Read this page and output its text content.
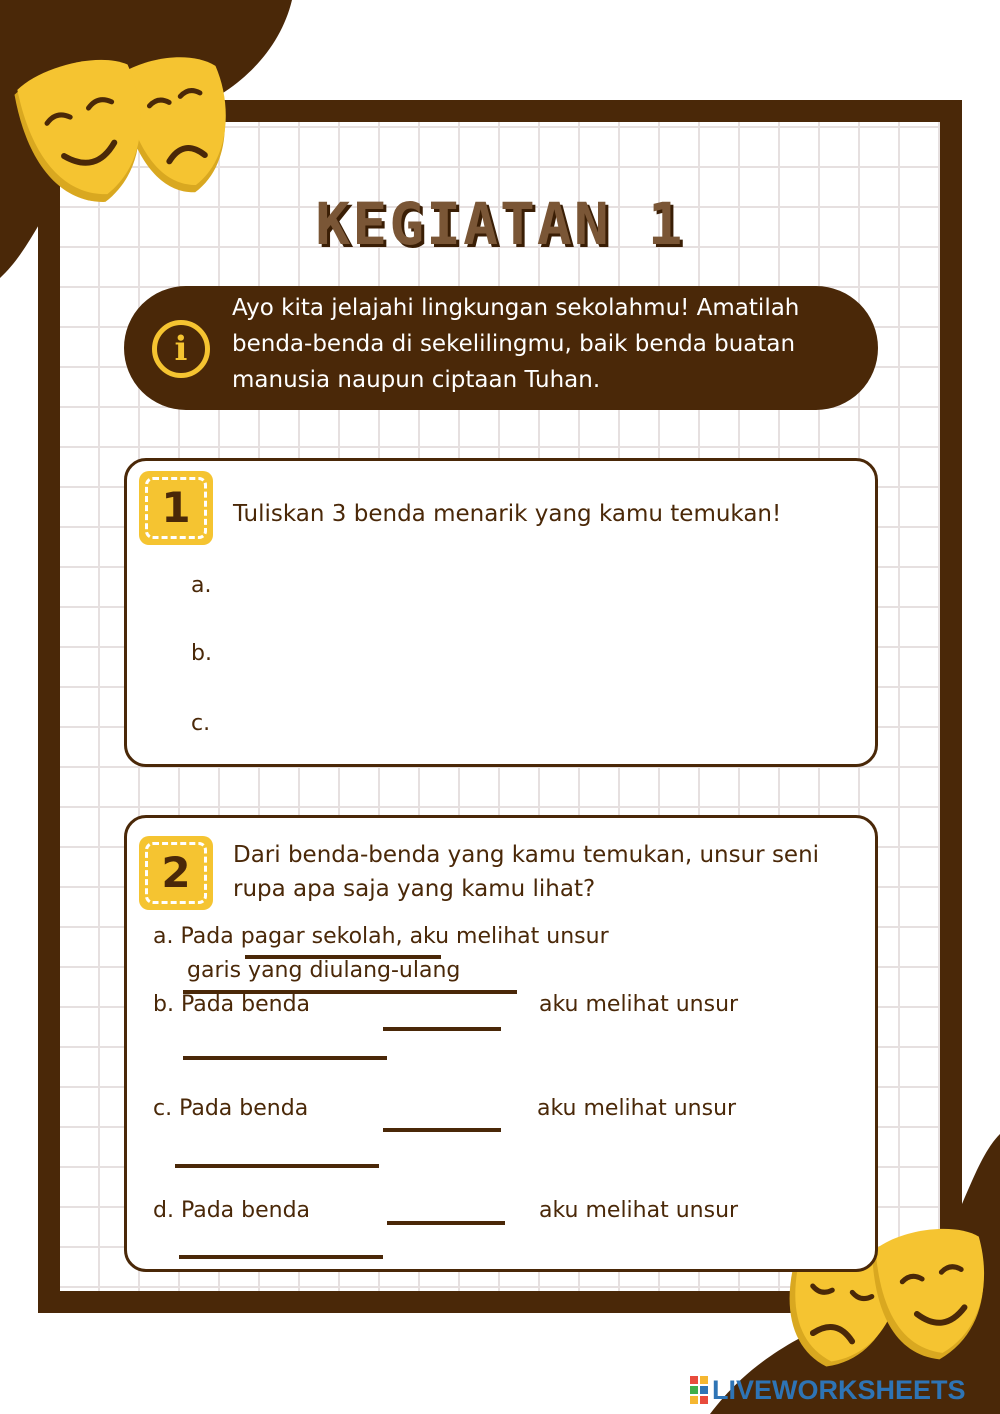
KEGIATAN 1
i
Ayo kita jelajahi lingkungan sekolahmu! Amatilah benda-benda di sekelilingmu, baik benda buatan manusia naupun ciptaan Tuhan.
1	Tuliskan 3 benda menarik yang kamu temukan!
a.
b.
c.
2	Dari benda-benda yang kamu temukan, unsur seni rupa apa saja yang kamu lihat?
a. Pada pagar sekolah, aku melihat unsur
garis yang diulang-ulang
b. Pada benda	aku melihat unsur
c. Pada benda	aku melihat unsur
d. Pada benda	aku melihat unsur
LIVEWORKSHEETS
